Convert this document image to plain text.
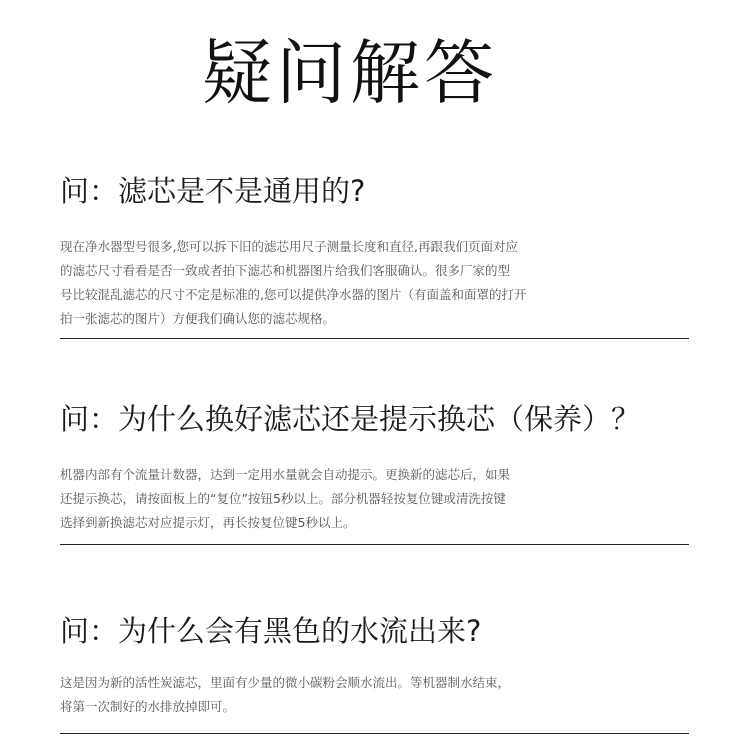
疑问解答
问：滤芯是不是通用的?
现在净水器型号很多,您可以拆下旧的滤芯用尺子测量长度和直径,再跟我们页面对应
的滤芯尺寸看看是否一致或者拍下滤芯和机器图片给我们客服确认。很多厂家的型
号比较混乱滤芯的尺寸不定是标准的,您可以提供净水器的图片（有面盖和面罩的打开
拍一张滤芯的图片）方便我们确认您的滤芯规格。
问：为什么换好滤芯还是提示换芯（保养）？
机器内部有个流量计数器，达到一定用水量就会自动提示。更换新的滤芯后，如果
还提示换芯，请按面板上的“复位”按钮5秒以上。部分机器轻按复位键或清洗按键
选择到新换滤芯对应提示灯，再长按复位键5秒以上。
问：为什么会有黑色的水流出来?
这是因为新的活性炭滤芯，里面有少量的微小碳粉会顺水流出。等机器制水结束，
将第一次制好的水排放掉即可。
